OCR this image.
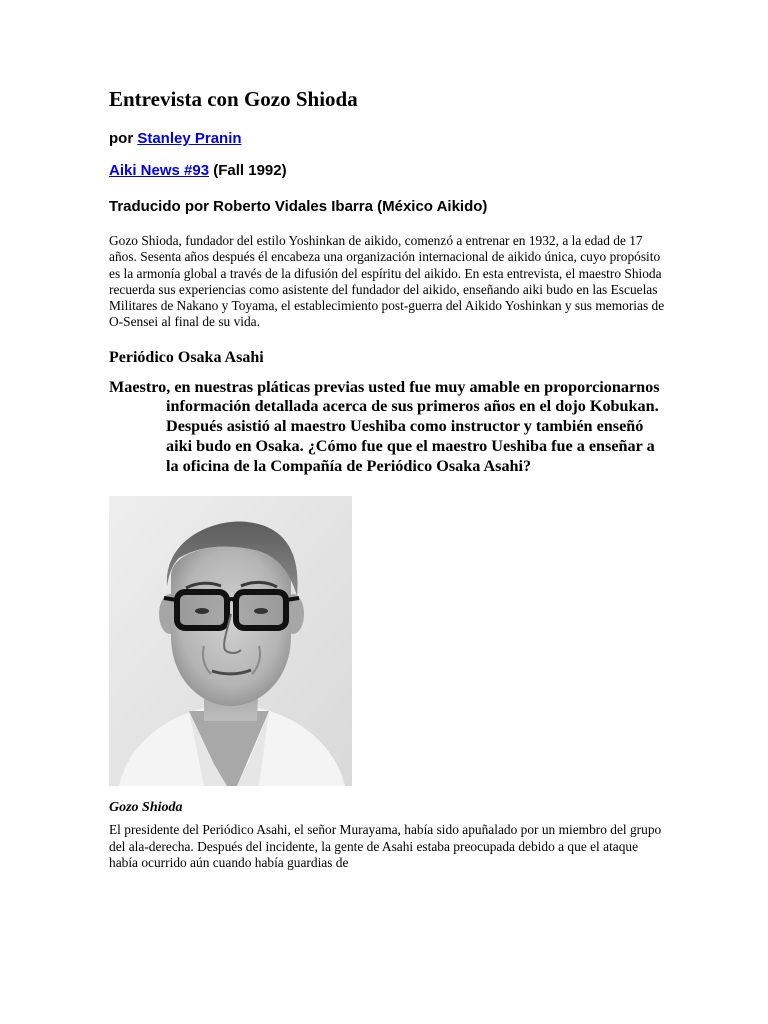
Entrevista con Gozo Shioda

por Stanley Pranin

Aiki News #93 (Fall 1992)

Traducido por Roberto Vidales Ibarra (México Aikido)

Gozo Shioda, fundador del estilo Yoshinkan de aikido, comenzó a entrenar en 1932, a la edad de 17 años. Sesenta años después él encabeza una organización internacional de aikido única, cuyo propósito es la armonía global a través de la difusión del espíritu del aikido. En esta entrevista, el maestro Shioda recuerda sus experiencias como asistente del fundador del aikido, enseñando aiki budo en las Escuelas Militares de Nakano y Toyama, el establecimiento post-guerra del Aikido Yoshinkan y sus memorias de O-Sensei al final de su vida.

Periódico Osaka Asahi

Maestro, en nuestras pláticas previas usted fue muy amable en proporcionarnos información detallada acerca de sus primeros años en el dojo Kobukan. Después asistió al maestro Ueshiba como instructor y también enseñó aiki budo en Osaka. ¿Cómo fue que el maestro Ueshiba fue a enseñar a la oficina de la Compañía de Periódico Osaka Asahi?

Gozo Shioda

El presidente del Periódico Asahi, el señor Murayama, había sido apuñalado por un miembro del grupo del ala-derecha. Después del incidente, la gente de Asahi estaba preocupada debido a que el ataque había ocurrido aún cuando había guardias de
